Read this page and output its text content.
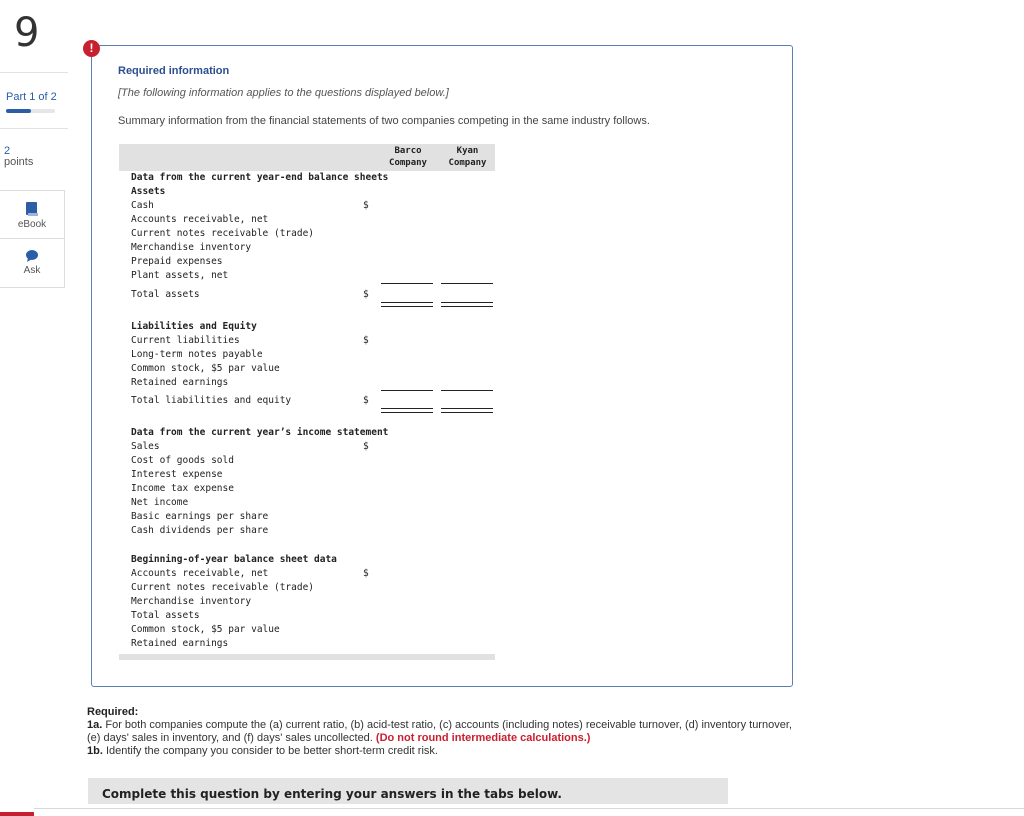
9
Part 1 of 2
2
points
eBook
Ask
!
Required information
[The following information applies to the questions displayed below.]
Summary information from the financial statements of two companies competing in the same industry follows.
Barco
Company
Kyan
Company
Data from the current year-end balance sheets
Assets
Cash	$
Accounts receivable, net
Current notes receivable (trade)
Merchandise inventory
Prepaid expenses
Plant assets, net
Total assets	$
Liabilities and Equity
Current liabilities	$
Long-term notes payable
Common stock, $5 par value
Retained earnings
Total liabilities and equity	$
Data from the current year’s income statement
Sales	$
Cost of goods sold
Interest expense
Income tax expense
Net income
Basic earnings per share
Cash dividends per share
Beginning-of-year balance sheet data
Accounts receivable, net	$
Current notes receivable (trade)
Merchandise inventory
Total assets
Common stock, $5 par value
Retained earnings
Required:
1a. For both companies compute the (a) current ratio, (b) acid-test ratio, (c) accounts (including notes) receivable turnover, (d) inventory turnover, (e) days' sales in inventory, and (f) days' sales uncollected. (Do not round intermediate calculations.)
1b. Identify the company you consider to be better short-term credit risk.
Complete this question by entering your answers in the tabs below.
